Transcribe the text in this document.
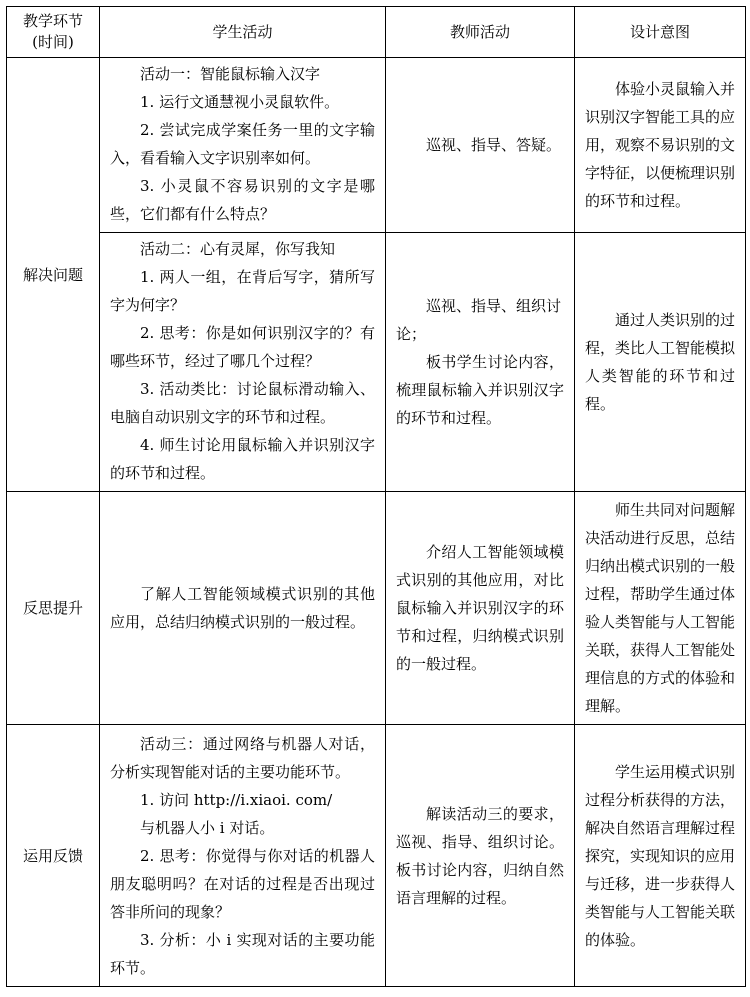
教学环节
(时间)	学生活动	教师活动	设计意图
解决问题	活动一：智能鼠标输入汉字
1. 运行文通慧视小灵鼠软件。
2. 尝试完成学案任务一里的文字输入，看看输入文字识别率如何。
3. 小灵鼠不容易识别的文字是哪些，它们都有什么特点？	巡视、指导、答疑。	体验小灵鼠输入并识别汉字智能工具的应用，观察不易识别的文字特征，以便梳理识别的环节和过程。

	活动二：心有灵犀，你写我知
1. 两人一组，在背后写字，猜所写字为何字？
2. 思考：你是如何识别汉字的？有哪些环节，经过了哪几个过程？
3. 活动类比：讨论鼠标滑动输入、电脑自动识别文字的环节和过程。
4. 师生讨论用鼠标输入并识别汉字的环节和过程。	巡视、指导、组织讨论；
板书学生讨论内容，梳理鼠标输入并识别汉字的环节和过程。	通过人类识别的过程，类比人工智能模拟人类智能的环节和过程。
反思提升	了解人工智能领域模式识别的其他应用，总结归纳模式识别的一般过程。	介绍人工智能领域模式识别的其他应用，对比鼠标输入并识别汉字的环节和过程，归纳模式识别的一般过程。	师生共同对问题解决活动进行反思，总结归纳出模式识别的一般过程，帮助学生通过体验人类智能与人工智能关联，获得人工智能处理信息的方式的体验和理解。
运用反馈	活动三：通过网络与机器人对话，分析实现智能对话的主要功能环节。
1. 访问 http://i.xiaoi. com/
与机器人小 i 对话。
2. 思考：你觉得与你对话的机器人朋友聪明吗？在对话的过程是否出现过答非所问的现象？
3. 分析：小 i 实现对话的主要功能环节。	解读活动三的要求，巡视、指导、组织讨论。板书讨论内容，归纳自然语言理解的过程。	学生运用模式识别过程分析获得的方法，解决自然语言理解过程探究，实现知识的应用与迁移，进一步获得人类智能与人工智能关联的体验。
